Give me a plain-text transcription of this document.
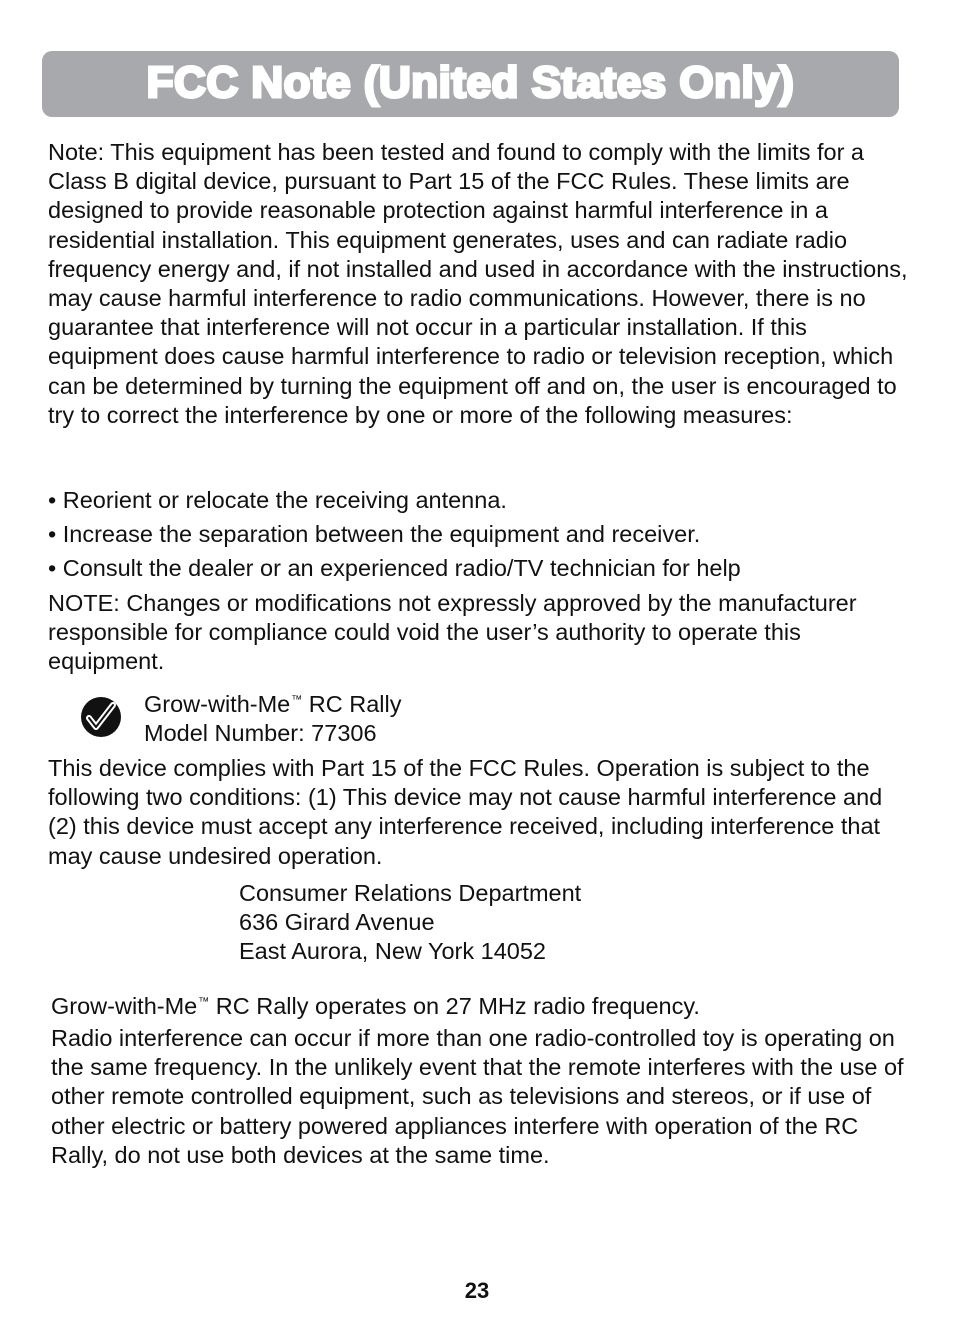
FCC Note (United States Only)

Note: This equipment has been tested and found to comply with the limits for a Class B digital device, pursuant to Part 15 of the FCC Rules. These limits are designed to provide reasonable protection against harmful interference in a residential installation. This equipment generates, uses and can radiate radio frequency energy and, if not installed and used in accordance with the instructions, may cause harmful interference to radio communications. However, there is no guarantee that interference will not occur in a particular installation. If this equipment does cause harmful interference to radio or television reception, which can be determined by turning the equipment off and on, the user is encouraged to try to correct the interference by one or more of the following measures:

• Reorient or relocate the receiving antenna.
• Increase the separation between the equipment and receiver.
• Consult the dealer or an experienced radio/TV technician for help

NOTE: Changes or modifications not expressly approved by the manufacturer responsible for compliance could void the user’s authority to operate this equipment.

Grow-with-Me™ RC Rally
Model Number: 77306

This device complies with Part 15 of the FCC Rules. Operation is subject to the following two conditions: (1) This device may not cause harmful interference and (2) this device must accept any interference received, including interference that may cause undesired operation.

Consumer Relations Department
636 Girard Avenue
East Aurora, New York 14052

Grow-with-Me™ RC Rally operates on 27 MHz radio frequency.

Radio interference can occur if more than one radio-controlled toy is operating on the same frequency. In the unlikely event that the remote interferes with the use of other remote controlled equipment, such as televisions and stereos, or if use of other electric or battery powered appliances interfere with operation of the RC Rally, do not use both devices at the same time.

23
